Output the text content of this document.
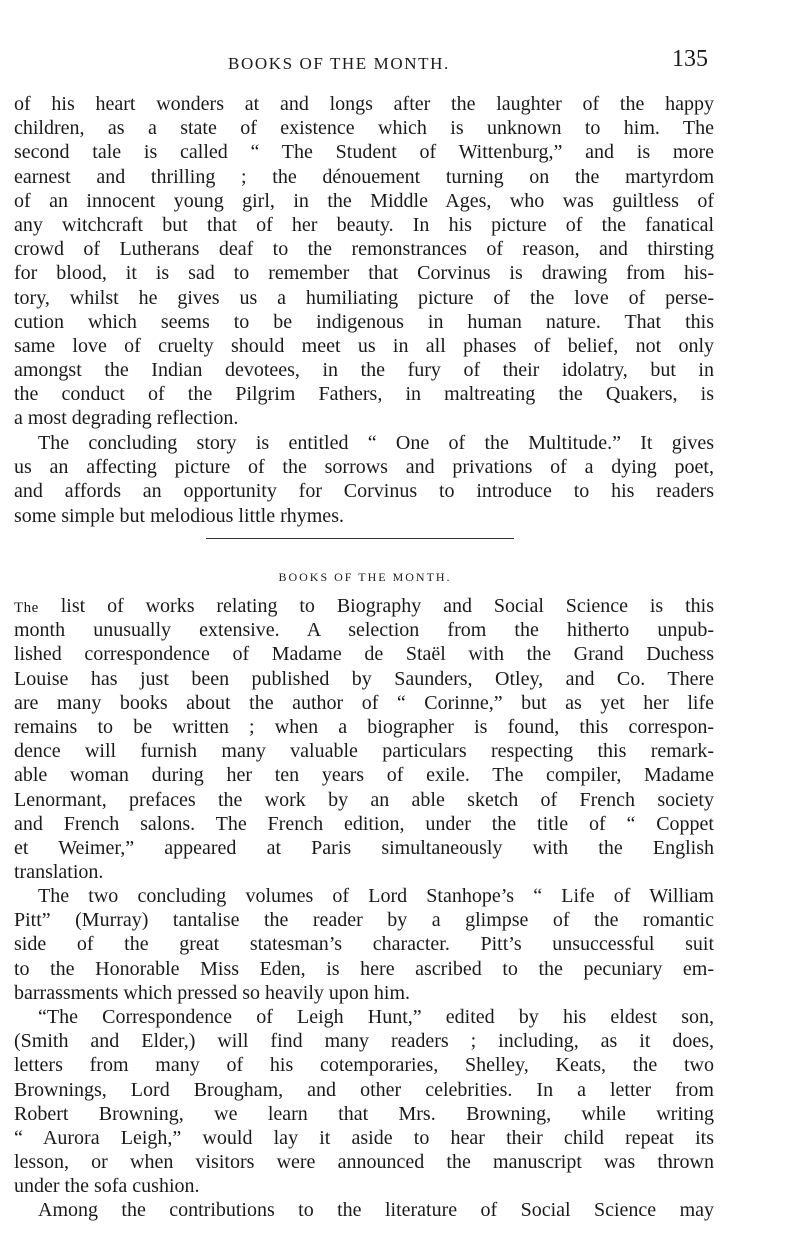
BOOKS OF THE MONTH.	135
of his heart wonders at and longs after the laughter of the happy
children, as a state of existence which is unknown to him. The
second tale is called “ The Student of Wittenburg,” and is more
earnest and thrilling ; the dénouement turning on the martyrdom
of an innocent young girl, in the Middle Ages, who was guiltless of
any witchcraft but that of her beauty. In his picture of the fanatical
crowd of Lutherans deaf to the remonstrances of reason, and thirsting
for blood, it is sad to remember that Corvinus is drawing from his-
tory, whilst he gives us a humiliating picture of the love of perse-
cution which seems to be indigenous in human nature. That this
same love of cruelty should meet us in all phases of belief, not only
amongst the Indian devotees, in the fury of their idolatry, but in
the conduct of the Pilgrim Fathers, in maltreating the Quakers, is
a most degrading reflection.
The concluding story is entitled “ One of the Multitude.” It gives
us an affecting picture of the sorrows and privations of a dying poet,
and affords an opportunity for Corvinus to introduce to his readers
some simple but melodious little rhymes.
BOOKS OF THE MONTH.
The list of works relating to Biography and Social Science is this
month unusually extensive. A selection from the hitherto unpub-
lished correspondence of Madame de Staël with the Grand Duchess
Louise has just been published by Saunders, Otley, and Co. There
are many books about the author of “ Corinne,” but as yet her life
remains to be written ; when a biographer is found, this correspon-
dence will furnish many valuable particulars respecting this remark-
able woman during her ten years of exile. The compiler, Madame
Lenormant, prefaces the work by an able sketch of French society
and French salons. The French edition, under the title of “ Coppet
et Weimer,” appeared at Paris simultaneously with the English
translation.
The two concluding volumes of Lord Stanhope’s “ Life of William
Pitt” (Murray) tantalise the reader by a glimpse of the romantic
side of the great statesman’s character. Pitt’s unsuccessful suit
to the Honorable Miss Eden, is here ascribed to the pecuniary em-
barrassments which pressed so heavily upon him.
“The Correspondence of Leigh Hunt,” edited by his eldest son,
(Smith and Elder,) will find many readers ; including, as it does,
letters from many of his cotemporaries, Shelley, Keats, the two
Brownings, Lord Brougham, and other celebrities. In a letter from
Robert Browning, we learn that Mrs. Browning, while writing
“ Aurora Leigh,” would lay it aside to hear their child repeat its
lesson, or when visitors were announced the manuscript was thrown
under the sofa cushion.
Among the contributions to the literature of Social Science may
